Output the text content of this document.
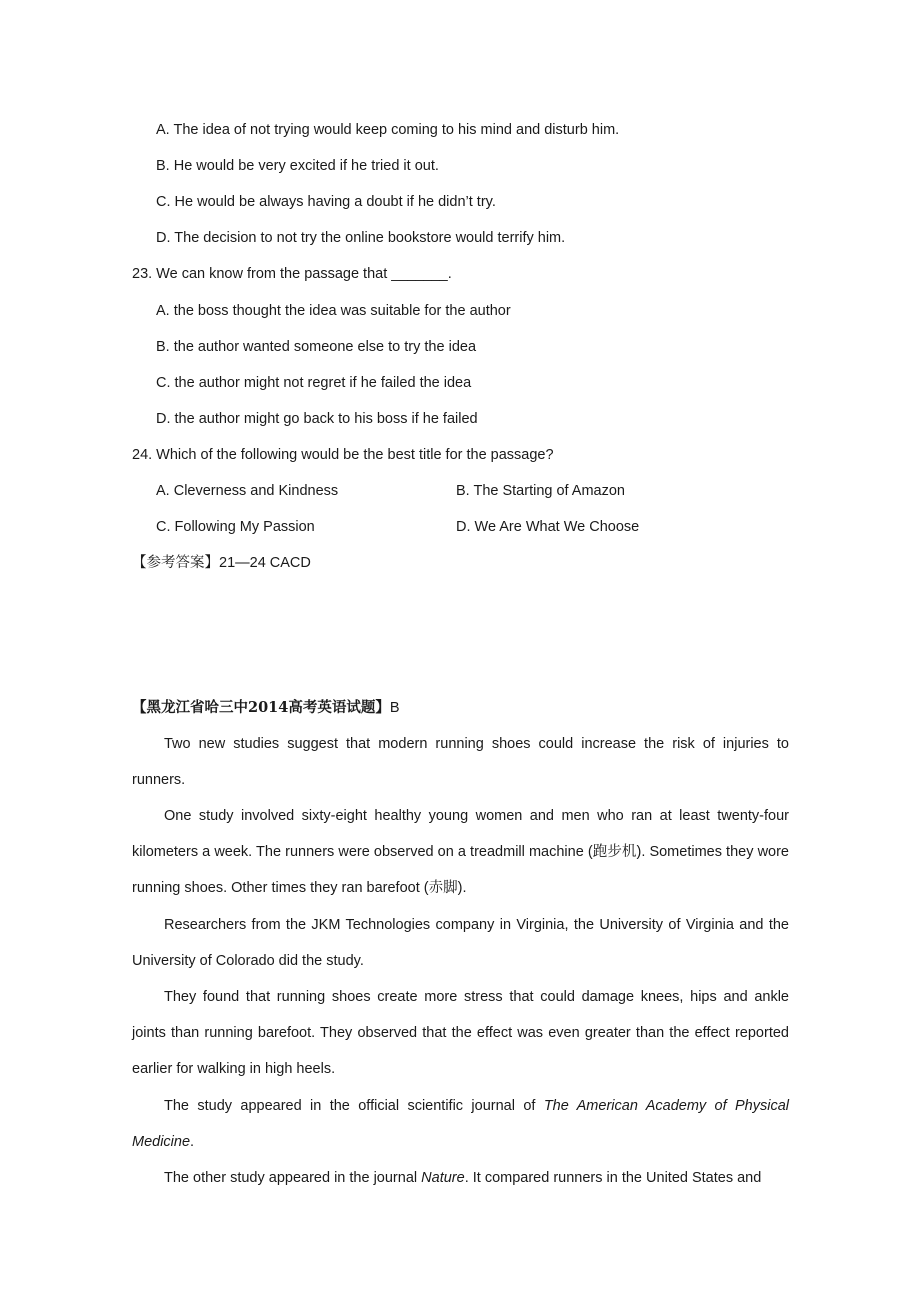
A. The idea of not trying would keep coming to his mind and disturb him.
B. He would be very excited if he tried it out.
C. He would be always having a doubt if he didn’t try.
D. The decision to not try the online bookstore would terrify him.
23. We can know from the passage that _______.
A. the boss thought the idea was suitable for the author
B. the author wanted someone else to try the idea
C. the author might not regret if he failed the idea
D. the author might go back to his boss if he failed
24. Which of the following would be the best title for the passage?
A. Cleverness and Kindness	B. The Starting of Amazon
C. Following My Passion	D. We Are What We Choose
【参考答案】21—24 CACD
【黑龙江省哈三中2014高考英语试题】B

Two new studies suggest that modern running shoes could increase the risk of injuries to runners.

One study involved sixty-eight healthy young women and men who ran at least twenty-four kilometers a week. The runners were observed on a treadmill machine (跑步机). Sometimes they wore running shoes. Other times they ran barefoot (赤脚).

Researchers from the JKM Technologies company in Virginia, the University of Virginia and the University of Colorado did the study.

They found that running shoes create more stress that could damage knees, hips and ankle joints than running barefoot. They observed that the effect was even greater than the effect reported earlier for walking in high heels.

The study appeared in the official scientific journal of The American Academy of Physical Medicine.

The other study appeared in the journal Nature. It compared runners in the United States and
